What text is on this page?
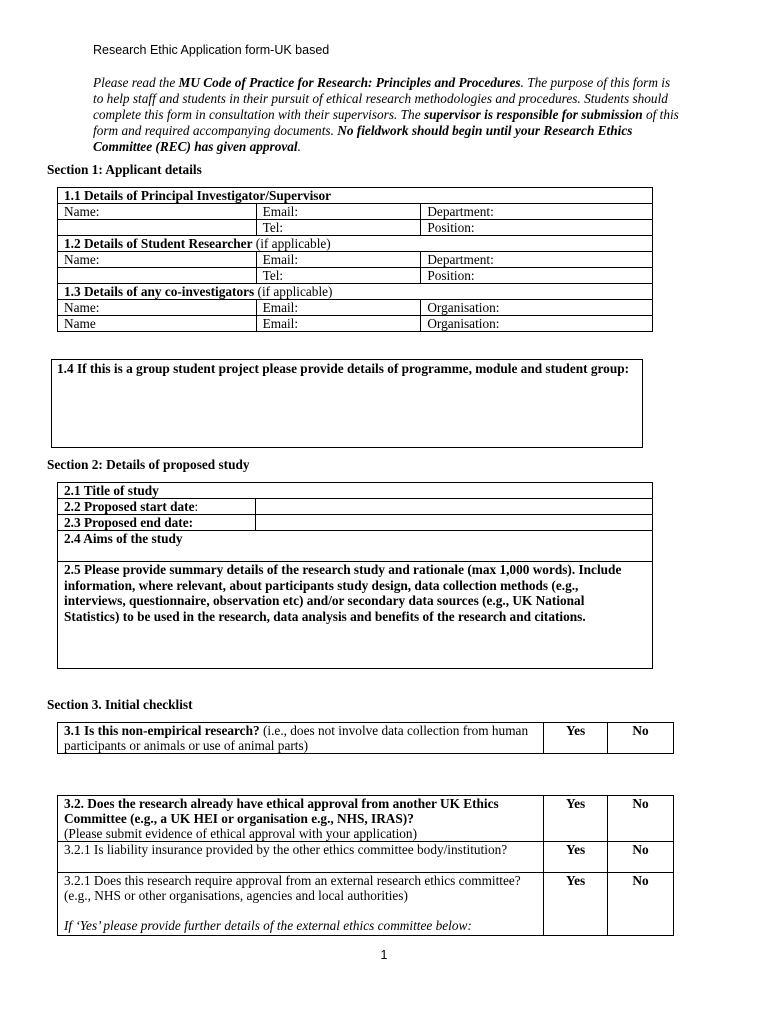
Research Ethic Application form-UK based
Please read the MU Code of Practice for Research: Principles and Procedures. The purpose of this form is to help staff and students in their pursuit of ethical research methodologies and procedures. Students should complete this form in consultation with their supervisors. The supervisor is responsible for submission of this form and required accompanying documents. No fieldwork should begin until your Research Ethics Committee (REC) has given approval.
Section 1: Applicant details
1.1 Details of Principal Investigator/Supervisor		
Name:	Email:	Department:
	Tel:	Position:
1.2 Details of Student Researcher (if applicable)		
Name:	Email:	Department:
	Tel:	Position:
1.3 Details of any co-investigators (if applicable)		
Name:	Email:	Organisation:
Name	Email:	Organisation:
1.4 If this is a group student project please provide details of programme, module and student group:
Section 2: Details of proposed study
2.1 Title of study	
2.2 Proposed start date:	
2.3 Proposed end date:	
2.4 Aims of the study	
2.5 Please provide summary details of the research study and rationale (max 1,000 words). Include information, where relevant, about participants study design, data collection methods (e.g., interviews, questionnaire, observation etc) and/or secondary data sources (e.g., UK National Statistics) to be used in the research, data analysis and benefits of the research and citations.	
Section 3. Initial checklist
3.1 Is this non-empirical research? (i.e., does not involve data collection from human participants or animals or use of animal parts)	Yes	No
3.2. Does the research already have ethical approval from another UK Ethics Committee (e.g., a UK HEI or organisation e.g., NHS, IRAS)?
(Please submit evidence of ethical approval with your application)	Yes	No
3.2.1 Is liability insurance provided by the other ethics committee body/institution?	Yes	No
3.2.1 Does this research require approval from an external research ethics committee? (e.g., NHS or other organisations, agencies and local authorities)

If ‘Yes’ please provide further details of the external ethics committee below:	Yes	No
1
